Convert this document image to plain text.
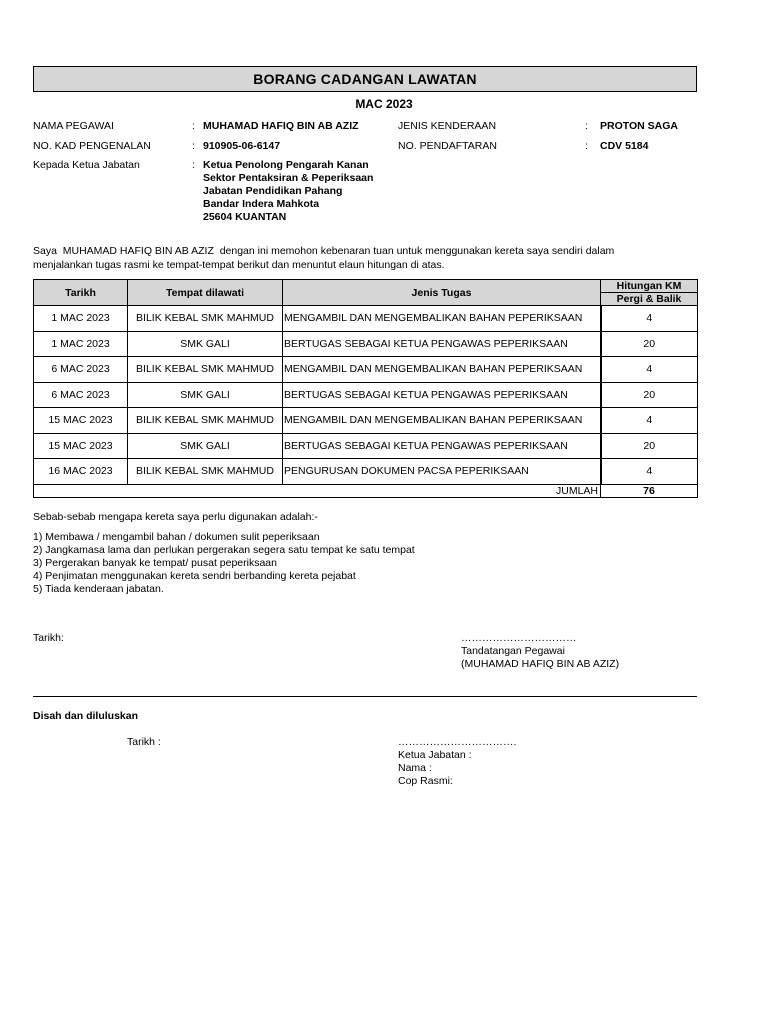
BORANG CADANGAN LAWATAN
MAC 2023
NAMA PEGAWAI	: MUHAMAD HAFIQ BIN AB AZIZ	JENIS KENDERAAN	: PROTON SAGA
NO. KAD PENGENALAN	: 910905-06-6147	NO. PENDAFTARAN	: CDV 5184
Kepada Ketua Jabatan	: Ketua Penolong Pengarah Kanan
Sektor Pentaksiran & Peperiksaan
Jabatan Pendidikan Pahang
Bandar Indera Mahkota
25604 KUANTAN
Saya  MUHAMAD HAFIQ BIN AB AZIZ  dengan ini memohon kebenaran tuan untuk menggunakan kereta saya sendiri dalam
menjalankan tugas rasmi ke tempat-tempat berikut dan menuntut elaun hitungan di atas.
Tarikh	Tempat dilawati	Jenis Tugas	Hitungan KM
			Pergi & Balik
1 MAC 2023	BILIK KEBAL SMK MAHMUD	MENGAMBIL DAN MENGEMBALIKAN BAHAN PEPERIKSAAN	4
1 MAC 2023	SMK GALI	BERTUGAS SEBAGAI KETUA PENGAWAS PEPERIKSAAN	20
6 MAC 2023	BILIK KEBAL SMK MAHMUD	MENGAMBIL DAN MENGEMBALIKAN BAHAN PEPERIKSAAN	4
6 MAC 2023	SMK GALI	BERTUGAS SEBAGAI KETUA PENGAWAS PEPERIKSAAN	20
15 MAC 2023	BILIK KEBAL SMK MAHMUD	MENGAMBIL DAN MENGEMBALIKAN BAHAN PEPERIKSAAN	4
15 MAC 2023	SMK GALI	BERTUGAS SEBAGAI KETUA PENGAWAS PEPERIKSAAN	20
16 MAC 2023	BILIK KEBAL SMK MAHMUD	PENGURUSAN DOKUMEN PACSA PEPERIKSAAN	4
JUMLAH			76
Sebab-sebab mengapa kereta saya perlu digunakan adalah:-
1) Membawa / mengambil bahan / dokumen sulit peperiksaan
2) Jangkamasa lama dan perlukan pergerakan segera satu tempat ke satu tempat
3) Pergerakan banyak ke tempat/ pusat peperiksaan
4) Penjimatan menggunakan kereta sendri berbanding kereta pejabat
5) Tiada kenderaan jabatan.
Tarikh:	……………………………
Tandatangan Pegawai
(MUHAMAD HAFIQ BIN AB AZIZ)
Disah dan diluluskan
Tarikh :	…………………………….
Ketua Jabatan :
Nama :
Cop Rasmi:
